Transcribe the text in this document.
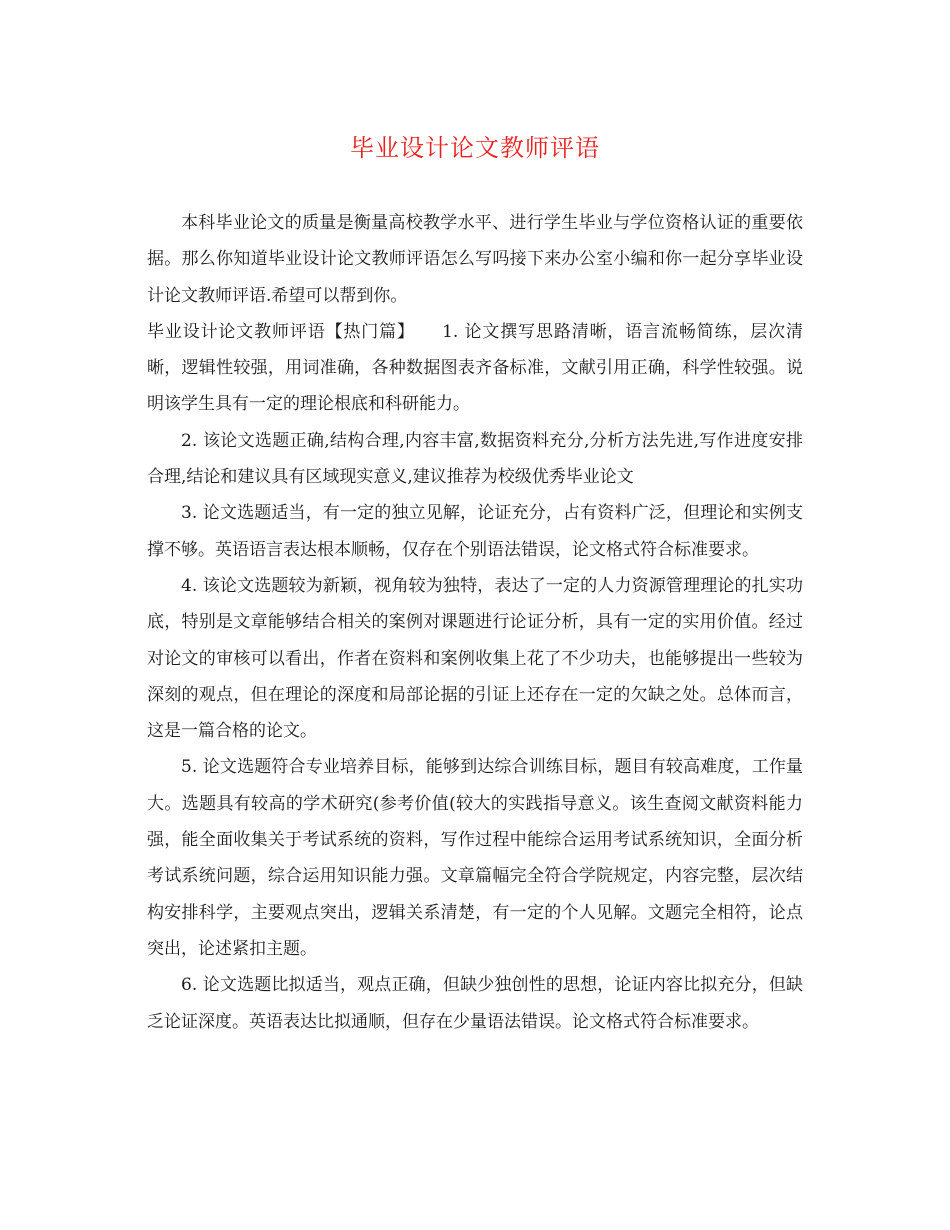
毕业设计论文教师评语

本科毕业论文的质量是衡量高校教学水平、进行学生毕业与学位资格认证的重要依据。那么你知道毕业设计论文教师评语怎么写吗接下来办公室小编和你一起分享毕业设计论文教师评语.希望可以帮到你。

毕业设计论文教师评语【热门篇】　　1. 论文撰写思路清晰，语言流畅简练，层次清晰，逻辑性较强，用词准确，各种数据图表齐备标准，文献引用正确，科学性较强。说明该学生具有一定的理论根底和科研能力。

2. 该论文选题正确,结构合理,内容丰富,数据资料充分,分析方法先进,写作进度安排合理,结论和建议具有区域现实意义,建议推荐为校级优秀毕业论文

3. 论文选题适当，有一定的独立见解，论证充分，占有资料广泛，但理论和实例支撑不够。英语语言表达根本顺畅，仅存在个别语法错误，论文格式符合标准要求。

4. 该论文选题较为新颖，视角较为独特，表达了一定的人力资源管理理论的扎实功底，特别是文章能够结合相关的案例对课题进行论证分析，具有一定的实用价值。经过对论文的审核可以看出，作者在资料和案例收集上花了不少功夫，也能够提出一些较为深刻的观点，但在理论的深度和局部论据的引证上还存在一定的欠缺之处。总体而言，这是一篇合格的论文。

5. 论文选题符合专业培养目标，能够到达综合训练目标，题目有较高难度，工作量大。选题具有较高的学术研究(参考价值(较大的实践指导意义。该生查阅文献资料能力强，能全面收集关于考试系统的资料，写作过程中能综合运用考试系统知识，全面分析考试系统问题，综合运用知识能力强。文章篇幅完全符合学院规定，内容完整，层次结构安排科学，主要观点突出，逻辑关系清楚，有一定的个人见解。文题完全相符，论点突出，论述紧扣主题。

6. 论文选题比拟适当，观点正确，但缺少独创性的思想，论证内容比拟充分，但缺乏论证深度。英语表达比拟通顺，但存在少量语法错误。论文格式符合标准要求。
